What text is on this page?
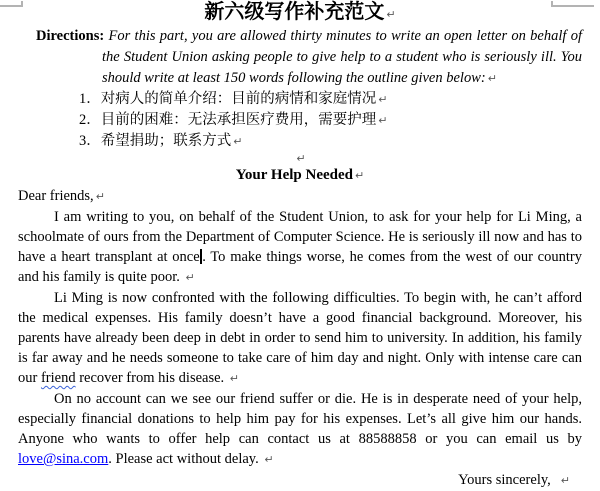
新六级写作补充范文 ↵

Directions: For this part, you are allowed thirty minutes to write an open letter on behalf of the Student Union asking people to give help to a student who is seriously ill. You should write at least 150 words following the outline given below: ↵

1．对病人的简单介绍：目前的病情和家庭情况 ↵
2．目前的困难：无法承担医疗费用，需要护理 ↵
3．希望捐助；联系方式 ↵
↵

Your Help Needed ↵

Dear friends, ↵

I am writing to you, on behalf of the Student Union, to ask for your help for Li Ming, a schoolmate of ours from the Department of Computer Science. He is seriously ill now and has to have a heart transplant at once . To make things worse, he comes from the west of our country and his family is quite poor. ↵

Li Ming is now confronted with the following difficulties. To begin with, he can’t afford the medical expenses. His family doesn’t have a good financial background. Moreover, his parents have already been deep in debt in order to send him to university. In addition, his family is far away and he needs someone to take care of him day and night. Only with intense care can our friend recover from his disease. ↵

On no account can we see our friend suffer or die. He is in desperate need of your help, especially financial donations to help him pay for his expenses. Let’s all give him our hands. Anyone who wants to offer help can contact us at 88588858 or you can email us by love@sina.com. Please act without delay. ↵

Yours sincerely, ↵
